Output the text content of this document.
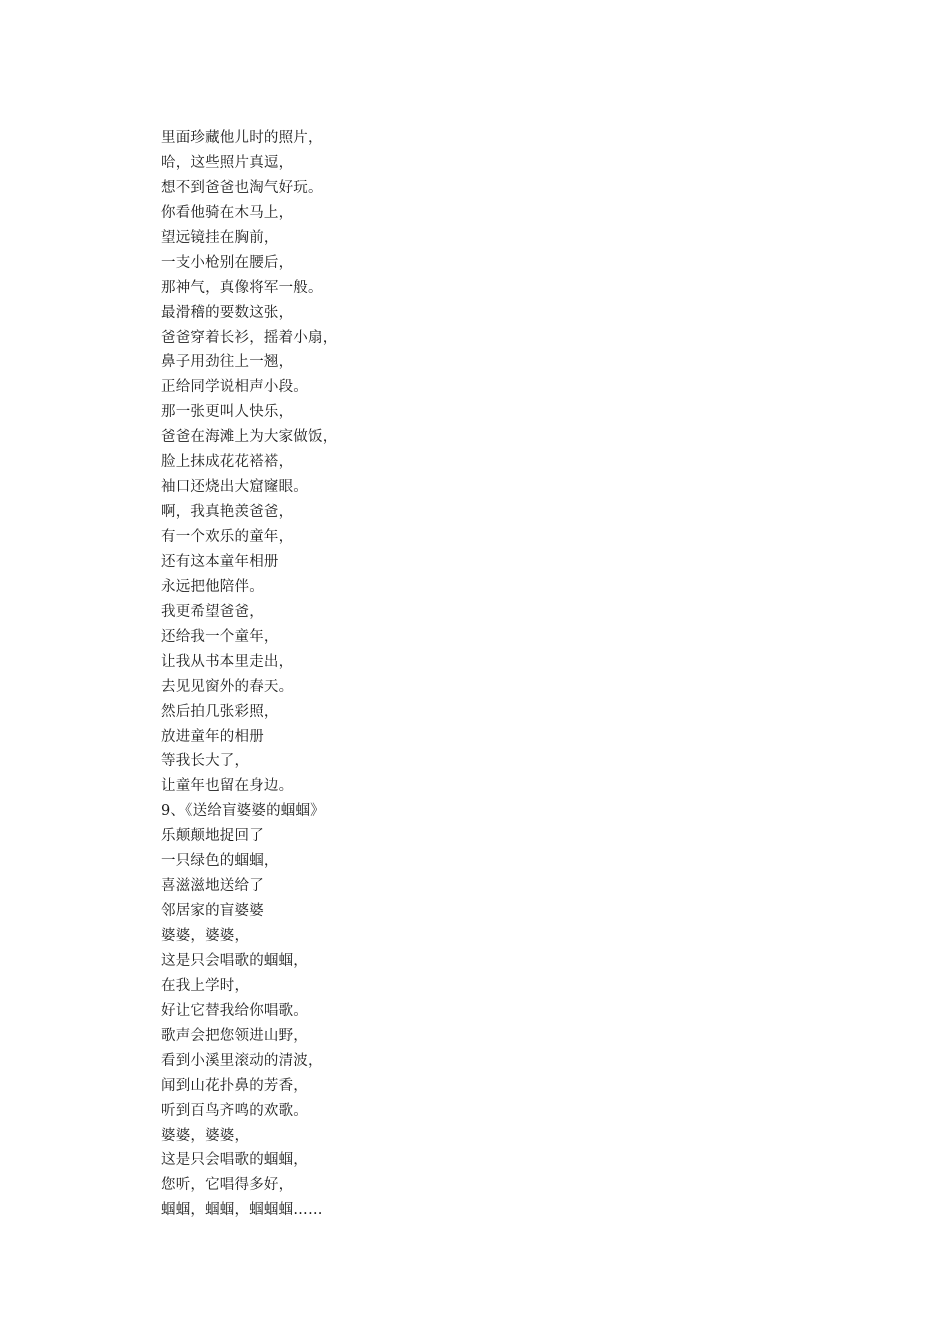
里面珍藏他儿时的照片，
哈，这些照片真逗，
想不到爸爸也淘气好玩。
你看他骑在木马上，
望远镜挂在胸前，
一支小枪别在腰后，
那神气，真像将军一般。
最滑稽的要数这张，
爸爸穿着长衫，摇着小扇，
鼻子用劲往上一翘，
正给同学说相声小段。
那一张更叫人快乐，
爸爸在海滩上为大家做饭，
脸上抹成花花褡褡，
袖口还烧出大窟窿眼。
啊，我真艳羡爸爸，
有一个欢乐的童年，
还有这本童年相册
永远把他陪伴。
我更希望爸爸，
还给我一个童年，
让我从书本里走出，
去见见窗外的春天。
然后拍几张彩照，
放进童年的相册
等我长大了，
让童年也留在身边。
9、《送给盲婆婆的蝈蝈》
乐颠颠地捉回了
一只绿色的蝈蝈，
喜滋滋地送给了
邻居家的盲婆婆
婆婆，婆婆，
这是只会唱歌的蝈蝈，
在我上学时，
好让它替我给你唱歌。
歌声会把您领进山野，
看到小溪里滚动的清波，
闻到山花扑鼻的芳香，
听到百鸟齐鸣的欢歌。
婆婆，婆婆，
这是只会唱歌的蝈蝈，
您听，它唱得多好，
蝈蝈，蝈蝈，蝈蝈蝈……
